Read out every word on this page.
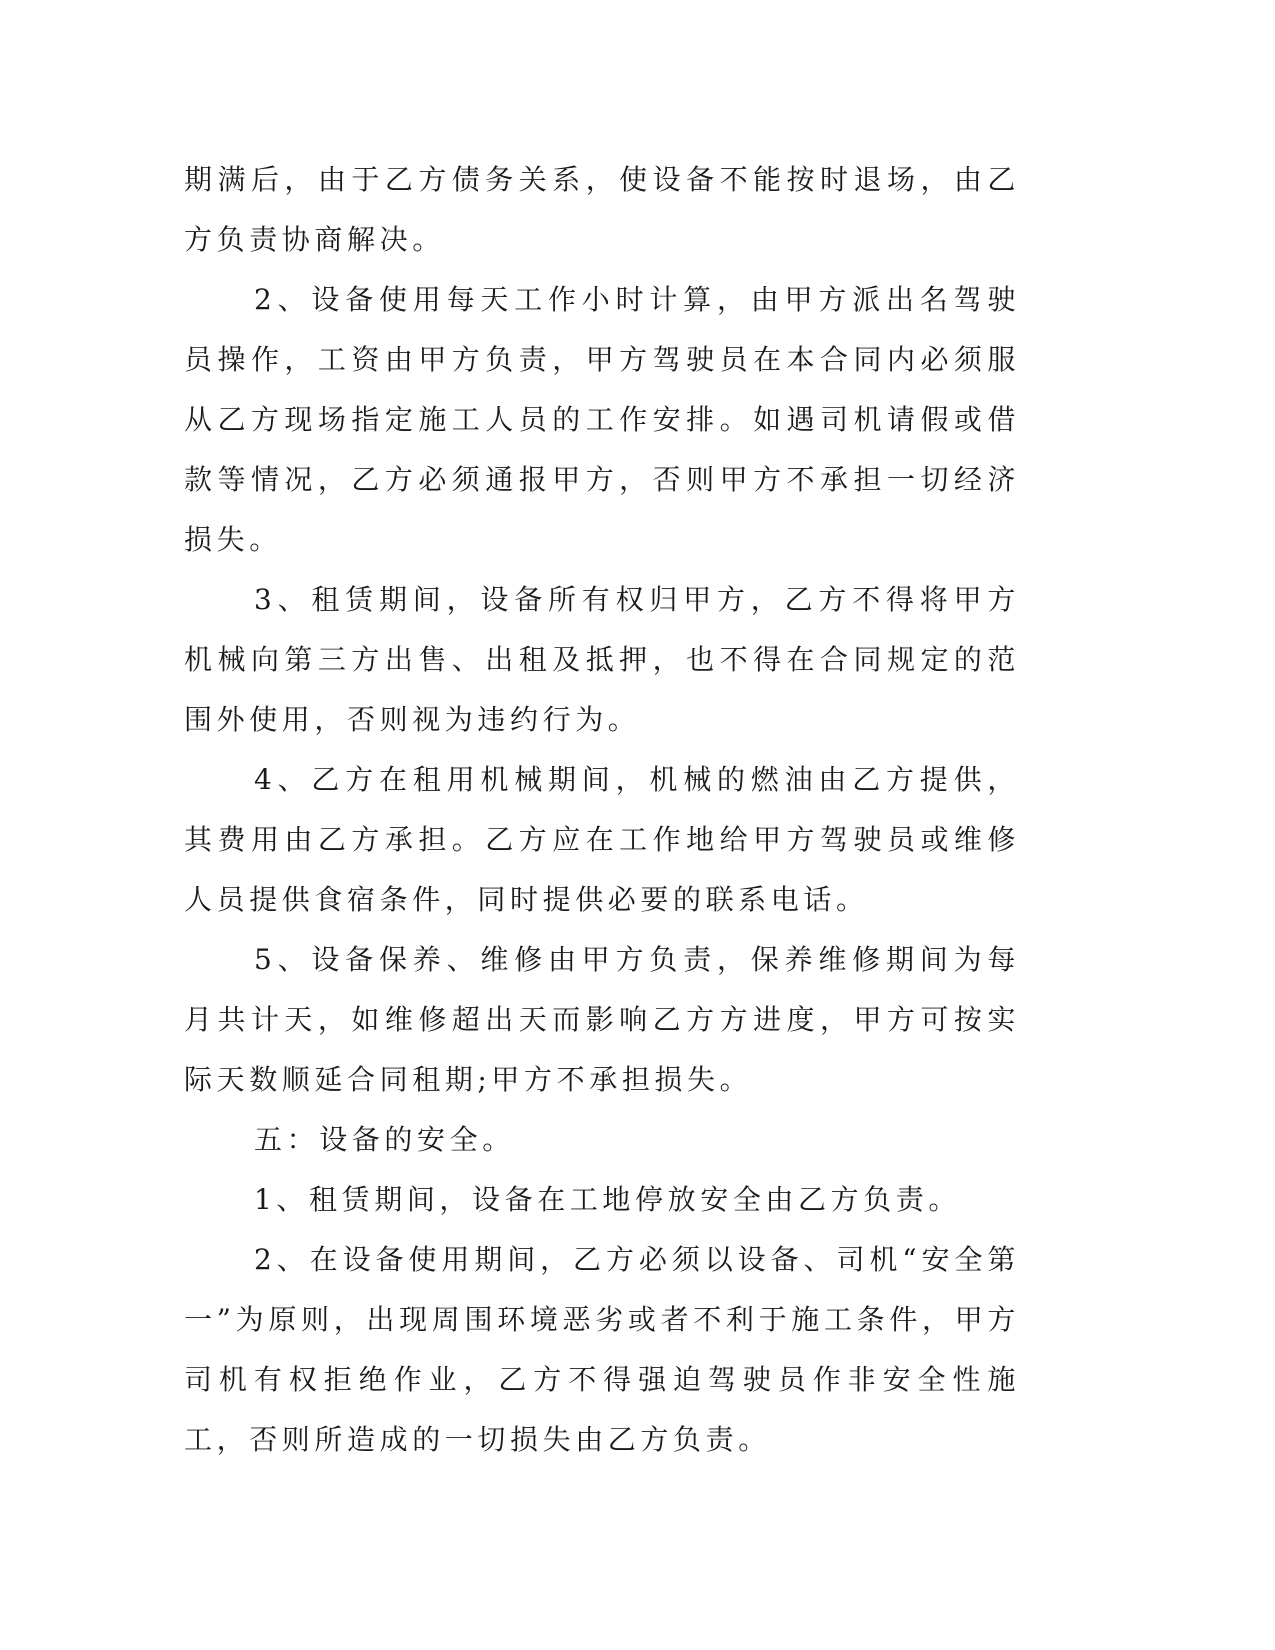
期满后，由于乙方债务关系，使设备不能按时退场，由乙方负责协商解决。

2、设备使用每天工作小时计算，由甲方派出名驾驶员操作，工资由甲方负责，甲方驾驶员在本合同内必须服从乙方现场指定施工人员的工作安排。如遇司机请假或借款等情况，乙方必须通报甲方，否则甲方不承担一切经济损失。

3、租赁期间，设备所有权归甲方，乙方不得将甲方机械向第三方出售、出租及抵押，也不得在合同规定的范围外使用，否则视为违约行为。

4、乙方在租用机械期间，机械的燃油由乙方提供，其费用由乙方承担。乙方应在工作地给甲方驾驶员或维修人员提供食宿条件，同时提供必要的联系电话。

5、设备保养、维修由甲方负责，保养维修期间为每月共计天，如维修超出天而影响乙方方进度，甲方可按实际天数顺延合同租期;甲方不承担损失。

五：设备的安全。

1、租赁期间，设备在工地停放安全由乙方负责。

2、在设备使用期间，乙方必须以设备、司机“安全第一”为原则，出现周围环境恶劣或者不利于施工条件，甲方司机有权拒绝作业，乙方不得强迫驾驶员作非安全性施工，否则所造成的一切损失由乙方负责。
